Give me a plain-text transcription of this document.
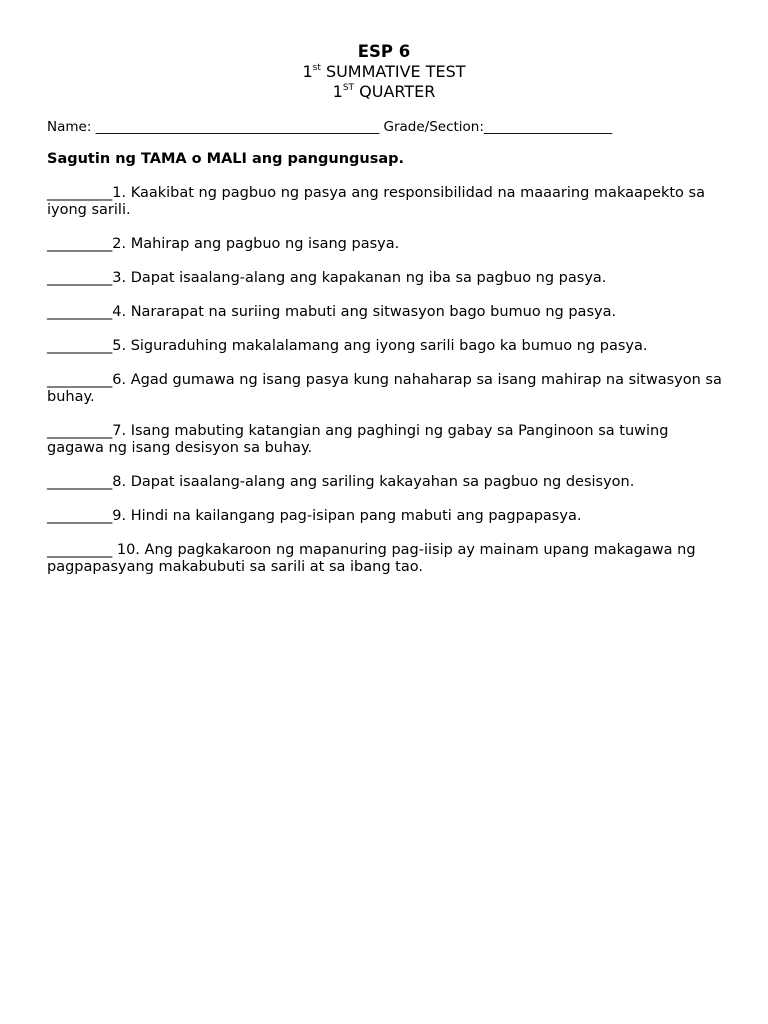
ESP 6
1st SUMMATIVE TEST
1ST QUARTER
Name: __________________________________________ Grade/Section:___________________
Sagutin ng TAMA o MALI ang pangungusap.
_________1. Kaakibat ng pagbuo ng pasya ang responsibilidad na maaaring makaapekto sa iyong sarili.
_________2. Mahirap ang pagbuo ng isang pasya.
_________3. Dapat isaalang-alang ang kapakanan ng iba sa pagbuo ng pasya.
_________4. Nararapat na suriing mabuti ang sitwasyon bago bumuo ng pasya.
_________5. Siguraduhing makalalamang ang iyong sarili bago ka bumuo ng pasya.
_________6. Agad gumawa ng isang pasya kung nahaharap sa isang mahirap na sitwasyon sa buhay.
_________7. Isang mabuting katangian ang paghingi ng gabay sa Panginoon sa tuwing gagawa ng isang desisyon sa buhay.
_________8. Dapat isaalang-alang ang sariling kakayahan sa pagbuo ng desisyon.
_________9. Hindi na kailangang pag-isipan pang mabuti ang pagpapasya.
_________ 10. Ang pagkakaroon ng mapanuring pag-iisip ay mainam upang makagawa ng pagpapasyang makabubuti sa sarili at sa ibang tao.
